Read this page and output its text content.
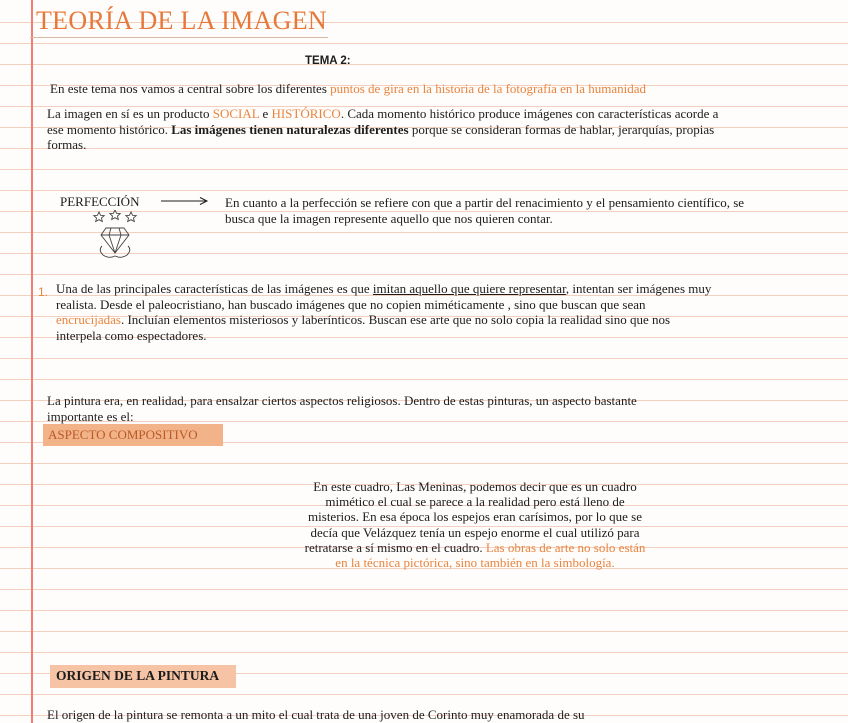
TEORÍA DE LA IMAGEN
TEMA 2:
En este tema nos vamos a central sobre los diferentes puntos de gira en la historia de la fotografía en la humanidad
La imagen en sí es un producto SOCIAL e HISTÓRICO. Cada momento histórico produce imágenes con características acorde a ese momento histórico. Las imágenes tienen naturalezas diferentes porque se consideran formas de hablar, jerarquías, propias formas.
PERFECCIÓN	En cuanto a la perfección se refiere con que a partir del renacimiento y el pensamiento científico, se busca que la imagen represente aquello que nos quieren contar.
1. Una de las principales características de las imágenes es que imitan aquello que quiere representar, intentan ser imágenes muy realista. Desde el paleocristiano, han buscado imágenes que no copien miméticamente , sino que buscan que sean encrucijadas. Incluían elementos misteriosos y laberínticos. Buscan ese arte que no solo copia la realidad sino que nos interpela como espectadores.
La pintura era, en realidad, para ensalzar ciertos aspectos religiosos. Dentro de estas pinturas, un aspecto bastante importante es el:
ASPECTO COMPOSITIVO
En este cuadro, Las Meninas, podemos decir que es un cuadro mimético el cual se parece a la realidad pero está lleno de misterios. En esa época los espejos eran carísimos, por lo que se decía que Velázquez tenía un espejo enorme el cual utilizó para retratarse a sí mismo en el cuadro. Las obras de arte no solo están en la técnica pictórica, sino también en la simbología.
ORIGEN DE LA PINTURA
El origen de la pintura se remonta a un mito el cual trata de una joven de Corinto muy enamorada de su
